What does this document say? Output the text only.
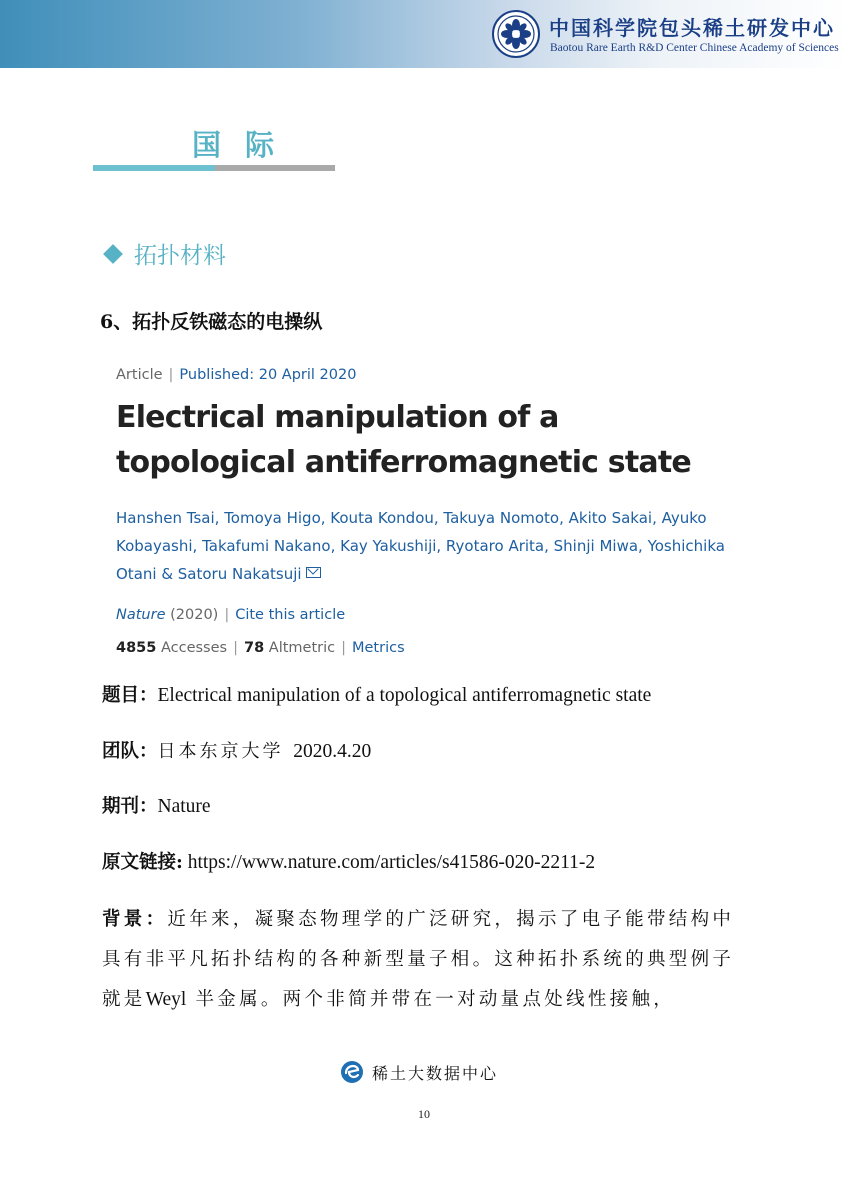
中国科学院包头稀土研发中心
Baotou Rare Earth R&D Center Chinese Academy of Sciences
国际
拓扑材料
6、拓扑反铁磁态的电操纵
Article | Published: 20 April 2020
Electrical manipulation of a
topological antiferromagnetic state
Hanshen Tsai, Tomoya Higo, Kouta Kondou, Takuya Nomoto, Akito Sakai, Ayuko Kobayashi, Takafumi Nakano, Kay Yakushiji, Ryotaro Arita, Shinji Miwa, Yoshichika Otani & Satoru Nakatsuji
Nature (2020) | Cite this article
4855 Accesses | 78 Altmetric | Metrics
题目：Electrical manipulation of a topological antiferromagnetic state
团队：日本东京大学 2020.4.20
期刊：Nature
原文链接: https://www.nature.com/articles/s41586-020-2211-2
背景：近年来，凝聚态物理学的广泛研究，揭示了电子能带结构中具有非平凡拓扑结构的各种新型量子相。这种拓扑系统的典型例子就是Weyl 半金属。两个非简并带在一对动量点处线性接触，
稀土大数据中心
10
